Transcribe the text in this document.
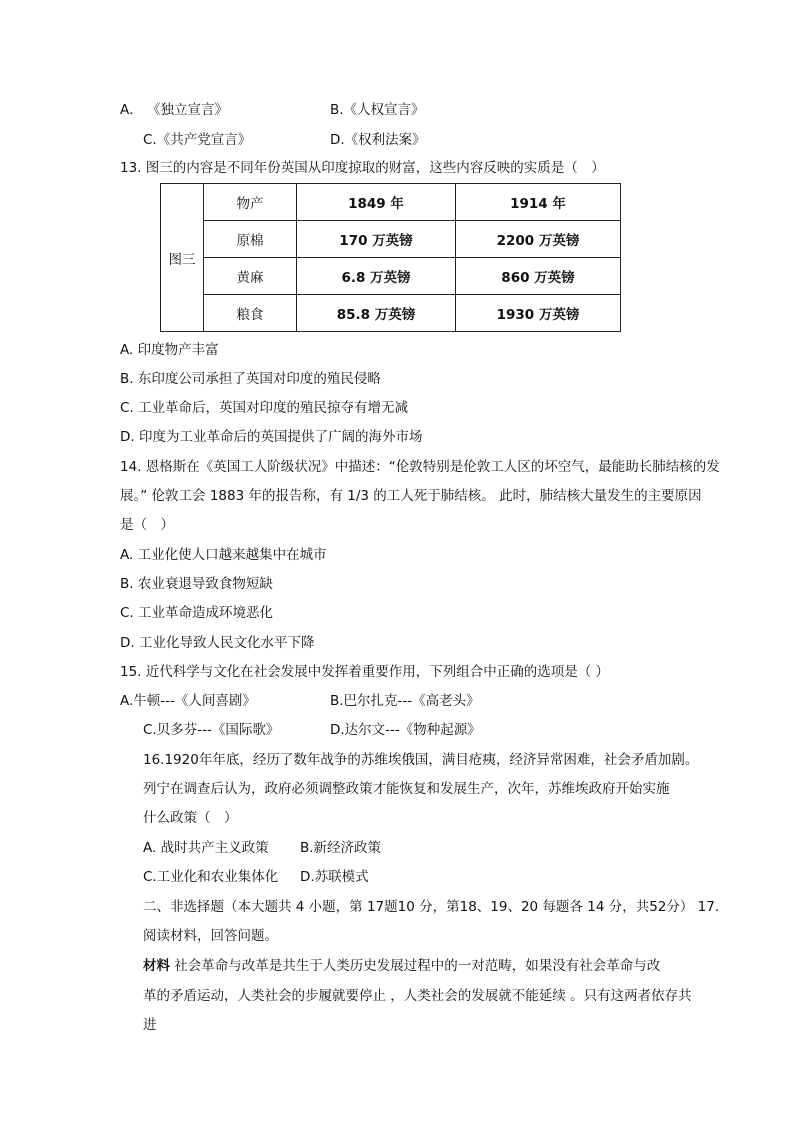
A． 《独立宣言》	B.《人权宣言》
C.《共产党宣言》	D.《权利法案》
13. 图三的内容是不同年份英国从印度掠取的财富，这些内容反映的实质是（　）
图三	物产	1849 年	1914 年
	原棉	170 万英镑	2200 万英镑
	黄麻	6.8 万英镑	860 万英镑
	粮食	85.8 万英镑	1930 万英镑
A. 印度物产丰富
B. 东印度公司承担了英国对印度的殖民侵略
C. 工业革命后，英国对印度的殖民掠夺有增无减
D. 印度为工业革命后的英国提供了广阔的海外市场
14. 恩格斯在《英国工人阶级状况》中描述：“伦敦特别是伦敦工人区的坏空气，最能助长肺结核的发
展。” 伦敦工会 1883 年的报告称，有 1/3 的工人死于肺结核。 此时，肺结核大量发生的主要原因
是（　）
A. 工业化使人口越来越集中在城市
B. 农业衰退导致食物短缺
C. 工业革命造成环境恶化
D. 工业化导致人民文化水平下降
15. 近代科学与文化在社会发展中发挥着重要作用，下列组合中正确的选项是（ ）
A.牛顿---《人间喜剧》	B.巴尔扎克---《高老头》
C.贝多芬---《国际歌》	D.达尔文---《物种起源》
16.1920年年底，经历了数年战争的苏维埃俄国，满目疮痍，经济异常困难，社会矛盾加剧。
列宁在调查后认为，政府必须调整政策才能恢复和发展生产，次年，苏维埃政府开始实施
什么政策（　）
A. 战时共产主义政策 B.新经济政策
C.工业化和农业集体化 D.苏联模式
二、非选择题（本大题共 4 小题，第 17题10 分，第18、19、20 每题各 14 分，共52分） 17.
阅读材料，回答问题。
材料 社会革命与改革是共生于人类历史发展过程中的一对范畴，如果没有社会革命与改
革的矛盾运动，人类社会的步履就要停止 ，人类社会的发展就不能延续 。只有这两者依存共
进
